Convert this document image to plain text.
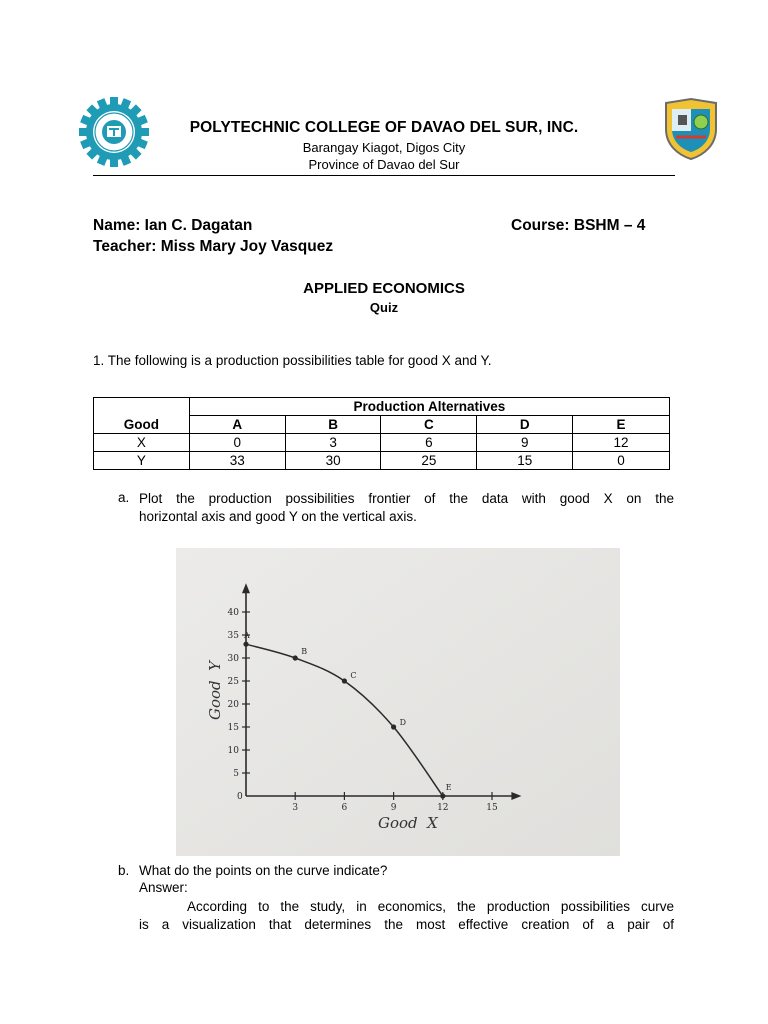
POLYTECHNIC COLLEGE OF DAVAO DEL SUR, INC.
Barangay Kiagot, Digos City
Province of Davao del Sur
Name: Ian C. Dagatan
Teacher: Miss Mary Joy Vasquez
Course: BSHM – 4
APPLIED ECONOMICS
Quiz
1. The following is a production possibilities table for good X and Y.
Good	Production Alternatives				
	A	B	C	D	E
X	0	3	6	9	12
Y	33	30	25	15	0
a. Plot the production possibilities frontier of the data with good X on the
horizontal axis and good Y on the vertical axis.
0
3	6	9	12	15
5
10
15
20
25
30
35
40
A
B
C
D
E
Good  X
Good  Y
b. What do the points on the curve indicate?
Answer:
According to the study, in economics, the production possibilities curve
is a visualization that determines the most effective creation of a pair of
